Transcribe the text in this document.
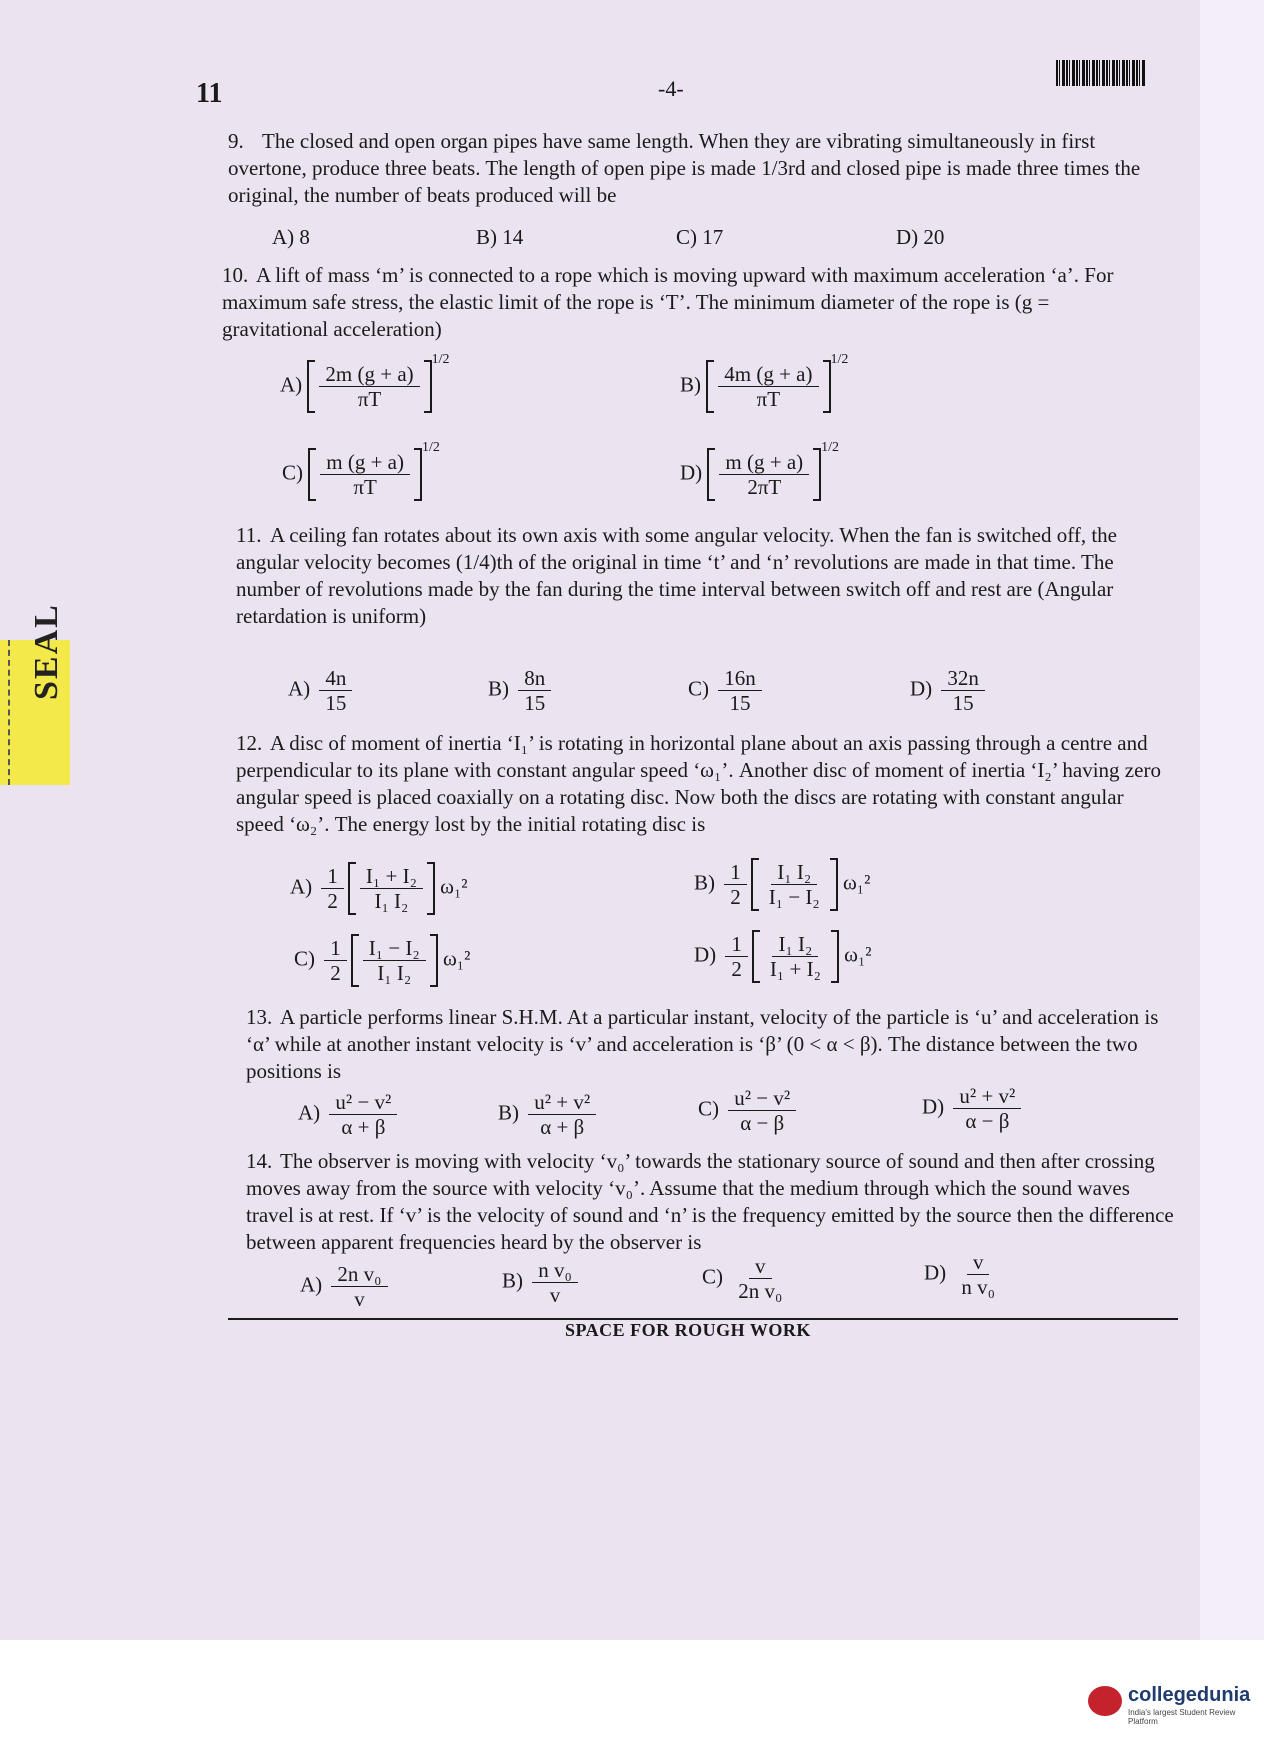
SEAL
11	-4-

9. The closed and open organ pipes have same length. When they are vibrating simultaneously in first overtone, produce three beats. The length of open pipe is made 1/3rd and closed pipe is made three times the original, the number of beats produced will be

A) 8	B) 14	C) 17	D) 20

10. A lift of mass ‘m’ is connected to a rope which is moving upward with maximum acceleration ‘a’. For maximum safe stress, the elastic limit of the rope is ‘T’. The minimum diameter of the rope is (g = gravitational acceleration)

$A) \frac{2m (g + a)}{\pi T}$
$^{1/2}$
$B) \frac{4m (g + a)}{\pi T}$
$^{1/2}$
$C) \frac{m (g + a)}{\pi T}$
$^{1/2}$
$D) \frac{m (g + a)}{2\pi T}$
$^{1/2}$

11. A ceiling fan rotates about its own axis with some angular velocity. When the fan is switched off, the angular velocity becomes (1/4)th of the original in time ‘t’ and ‘n’ revolutions are made in that time. The number of revolutions made by the fan during the time interval between switch off and rest are (Angular retardation is uniform)

$A) \frac{4n}{15}$	$B) \frac{8n}{15}$	$C) \frac{16n}{15}$	$D) \frac{32n}{15}$

12. A disc of moment of inertia ‘I₁’ is rotating in horizontal plane about an axis passing through a centre and perpendicular to its plane with constant angular speed ‘ω₁’. Another disc of moment of inertia ‘I₂’ having zero angular speed is placed coaxially on a rotating disc. Now both the discs are rotating with constant angular speed ‘ω₂’. The energy lost by the initial rotating disc is

$A) \frac{1}{2} \frac{\text{I₁ + I₂}}{\text{I₁ I₂}} \omega_1^2$	$B) \frac{1}{2} \frac{\text{I₁ I₂}}{\text{I₁ − I₂}} \omega_1^2$
$C) \frac{1}{2} \frac{\text{I₁ − I₂}}{\text{I₁ I₂}} \omega_1^2$	$D) \frac{1}{2} \frac{\text{I₁ I₂}}{\text{I₁ + I₂}} \omega_1^2$

13. A particle performs linear S.H.M. At a particular instant, velocity of the particle is ‘u’ and acceleration is ‘α’ while at another instant velocity is ‘v’ and acceleration is ‘β’ (0 < α < β). The distance between the two positions is

$A) \frac{\text{u² − v²}}{\alpha + \beta}$	$B) \frac{\text{u² + v²}}{\alpha + \beta}$	$C) \frac{\text{u² − v²}}{\alpha - \beta}$	$D) \frac{\text{u² + v²}}{\alpha - \beta}$

14. The observer is moving with velocity ‘v₀’ towards the stationary source of sound and then after crossing moves away from the source with velocity ‘v₀’. Assume that the medium through which the sound waves travel is at rest. If ‘v’ is the velocity of sound and ‘n’ is the frequency emitted by the source then the difference between apparent frequencies heard by the observer is

$A) \frac{\text{2n v₀}}{v}$	$B) \frac{\text{n v₀}}{v}$	$C) \frac{v}{\text{2n v₀}}$	$D) \frac{v}{\text{n v₀}}$
SPACE FOR ROUGH WORK
collegedunia
India's largest Student Review Platform
